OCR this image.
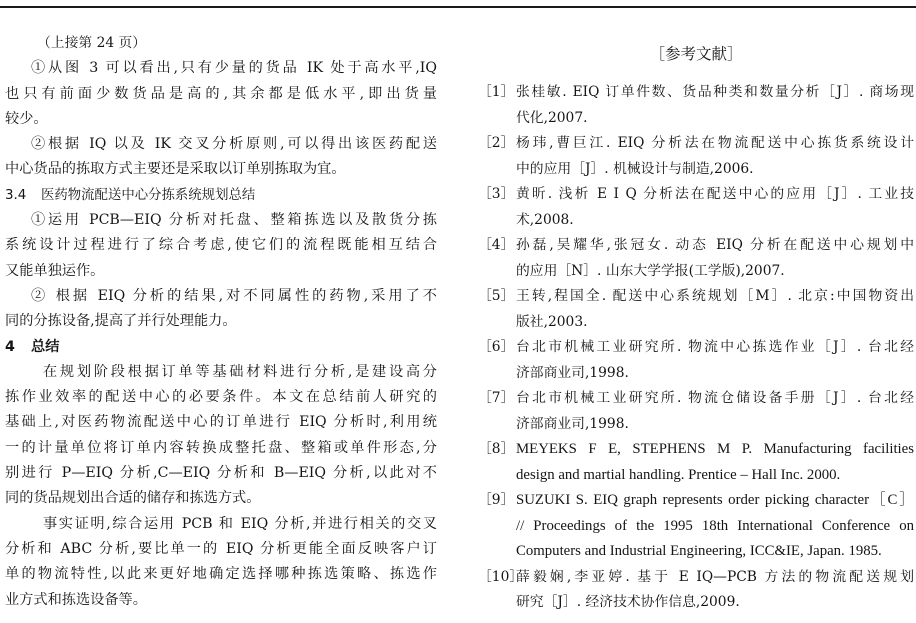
（上接第 24 页）
①从图 3 可以看出,只有少量的货品 IK 处于高水平,IQ
也只有前面少数货品是高的,其余都是低水平,即出货量
较少。
②根据 IQ 以及 IK 交叉分析原则,可以得出该医药配送
中心货品的拣取方式主要还是采取以订单别拣取为宜。
3.4 医药物流配送中心分拣系统规划总结
①运用 PCB—EIQ 分析对托盘、整箱拣选以及散货分拣
系统设计过程进行了综合考虑,使它们的流程既能相互结合
又能单独运作。
② 根据 EIQ 分析的结果,对不同属性的药物,采用了不
同的分拣设备,提高了并行处理能力。
4 总结
在规划阶段根据订单等基础材料进行分析,是建设高分
拣作业效率的配送中心的必要条件。本文在总结前人研究的
基础上,对医药物流配送中心的订单进行 EIQ 分析时,利用统
一的计量单位将订单内容转换成整托盘、整箱或单件形态,分
别进行 P—EIQ 分析,C—EIQ 分析和 B—EIQ 分析,以此对不
同的货品规划出合适的储存和拣选方式。
事实证明,综合运用 PCB 和 EIQ 分析,并进行相关的交叉
分析和 ABC 分析,要比单一的 EIQ 分析更能全面反映客户订
单的物流特性,以此来更好地确定选择哪种拣选策略、拣选作
业方式和拣选设备等。
［参考文献］
［1］ 张桂敏. EIQ 订单件数、货品种类和数量分析［J］. 商场现
代化,2007.
［2］ 杨玮,曹巨江. EIQ 分析法在物流配送中心拣货系统设计
中的应用［J］. 机械设计与制造,2006.
［3］ 黄昕. 浅析 E I Q 分析法在配送中心的应用［J］. 工业技
术,2008.
［4］ 孙磊,吴耀华,张冠女. 动态 EIQ 分析在配送中心规划中
的应用［N］. 山东大学学报(工学版),2007.
［5］ 王转,程国全. 配送中心系统规划［M］. 北京:中国物资出
版社,2003.
［6］ 台北市机械工业研究所. 物流中心拣选作业［J］. 台北经
济部商业司,1998.
［7］ 台北市机械工业研究所. 物流仓储设备手册［J］. 台北经
济部商业司,1998.
［8］ MEYEKS F E, STEPHENS M P. Manufacturing facilities
design and martial handling. Prentice – Hall Inc. 2000.
［9］ SUZUKI S. EIQ graph represents order picking character［C］
// Proceedings of the 1995 18th International Conference on
Computers and Industrial Engineering, ICC&IE, Japan. 1985.
［10］
薛毅娴,李亚婷. 基于 E IQ—PCB 方法的物流配送规划
研究［J］. 经济技术协作信息,2009.
